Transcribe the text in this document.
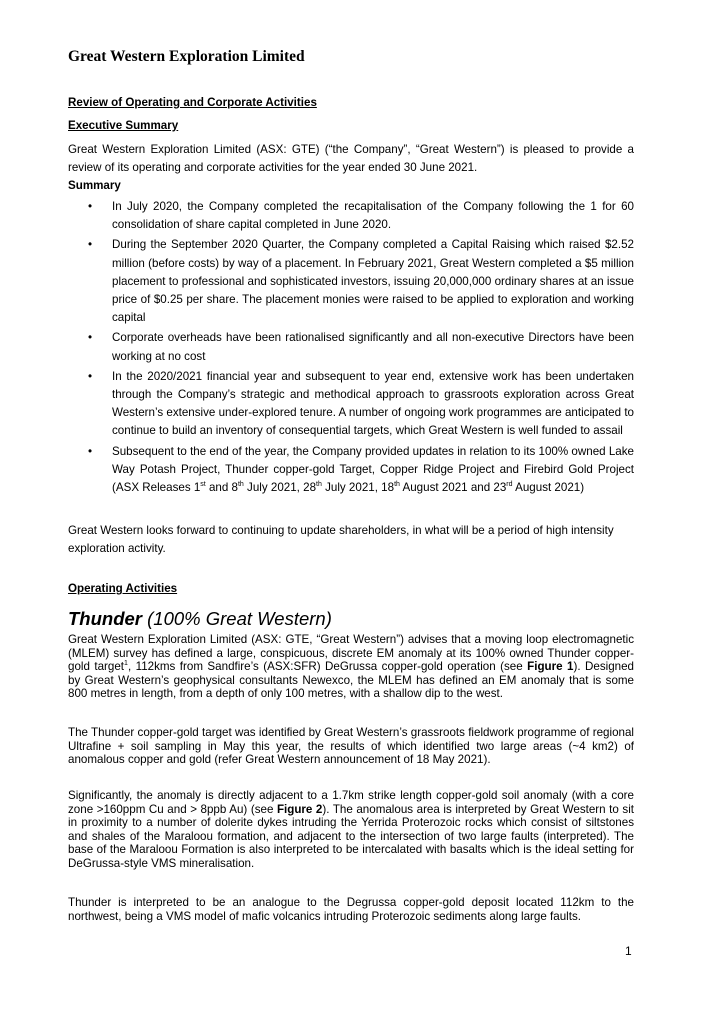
Great Western Exploration Limited
Review of Operating and Corporate Activities
Executive Summary

Great Western Exploration Limited (ASX: GTE) (“the Company”, “Great Western”) is pleased to provide a review of its operating and corporate activities for the year ended 30 June 2021.

Summary
• In July 2020, the Company completed the recapitalisation of the Company following the 1 for 60 consolidation of share capital completed in June 2020.
• During the September 2020 Quarter, the Company completed a Capital Raising which raised $2.52 million (before costs) by way of a placement. In February 2021, Great Western completed a $5 million placement to professional and sophisticated investors, issuing 20,000,000 ordinary shares at an issue price of $0.25 per share. The placement monies were raised to be applied to exploration and working capital
• Corporate overheads have been rationalised significantly and all non-executive Directors have been working at no cost
• In the 2020/2021 financial year and subsequent to year end, extensive work has been undertaken through the Company’s strategic and methodical approach to grassroots exploration across Great Western’s extensive under-explored tenure. A number of ongoing work programmes are anticipated to continue to build an inventory of consequential targets, which Great Western is well funded to assail
• Subsequent to the end of the year, the Company provided updates in relation to its 100% owned Lake Way Potash Project, Thunder copper-gold Target, Copper Ridge Project and Firebird Gold Project (ASX Releases 1st and 8th July 2021, 28th July 2021, 18th August 2021 and 23rd August 2021)

Great Western looks forward to continuing to update shareholders, in what will be a period of high intensity exploration activity.

Operating Activities
Thunder (100% Great Western)

Great Western Exploration Limited (ASX: GTE, “Great Western”) advises that a moving loop electromagnetic (MLEM) survey has defined a large, conspicuous, discrete EM anomaly at its 100% owned Thunder copper-gold target$^1$, 112kms from Sandfire’s (ASX:SFR) DeGrussa copper-gold operation (see Figure 1). Designed by Great Western’s geophysical consultants Newexco, the MLEM has defined an EM anomaly that is some 800 metres in length, from a depth of only 100 metres, with a shallow dip to the west.

The Thunder copper-gold target was identified by Great Western’s grassroots fieldwork programme of regional Ultrafine + soil sampling in May this year, the results of which identified two large areas (~4 km2) of anomalous copper and gold (refer Great Western announcement of 18 May 2021).

Significantly, the anomaly is directly adjacent to a 1.7km strike length copper-gold soil anomaly (with a core zone >160ppm Cu and > 8ppb Au) (see Figure 2). The anomalous area is interpreted by Great Western to sit in proximity to a number of dolerite dykes intruding the Yerrida Proterozoic rocks which consist of siltstones and shales of the Maraloou formation, and adjacent to the intersection of two large faults (interpreted). The base of the Maraloou Formation is also interpreted to be intercalated with basalts which is the ideal setting for DeGrussa-style VMS mineralisation.

Thunder is interpreted to be an analogue to the Degrussa copper-gold deposit located 112km to the northwest, being a VMS model of mafic volcanics intruding Proterozoic sediments along large faults.

1
